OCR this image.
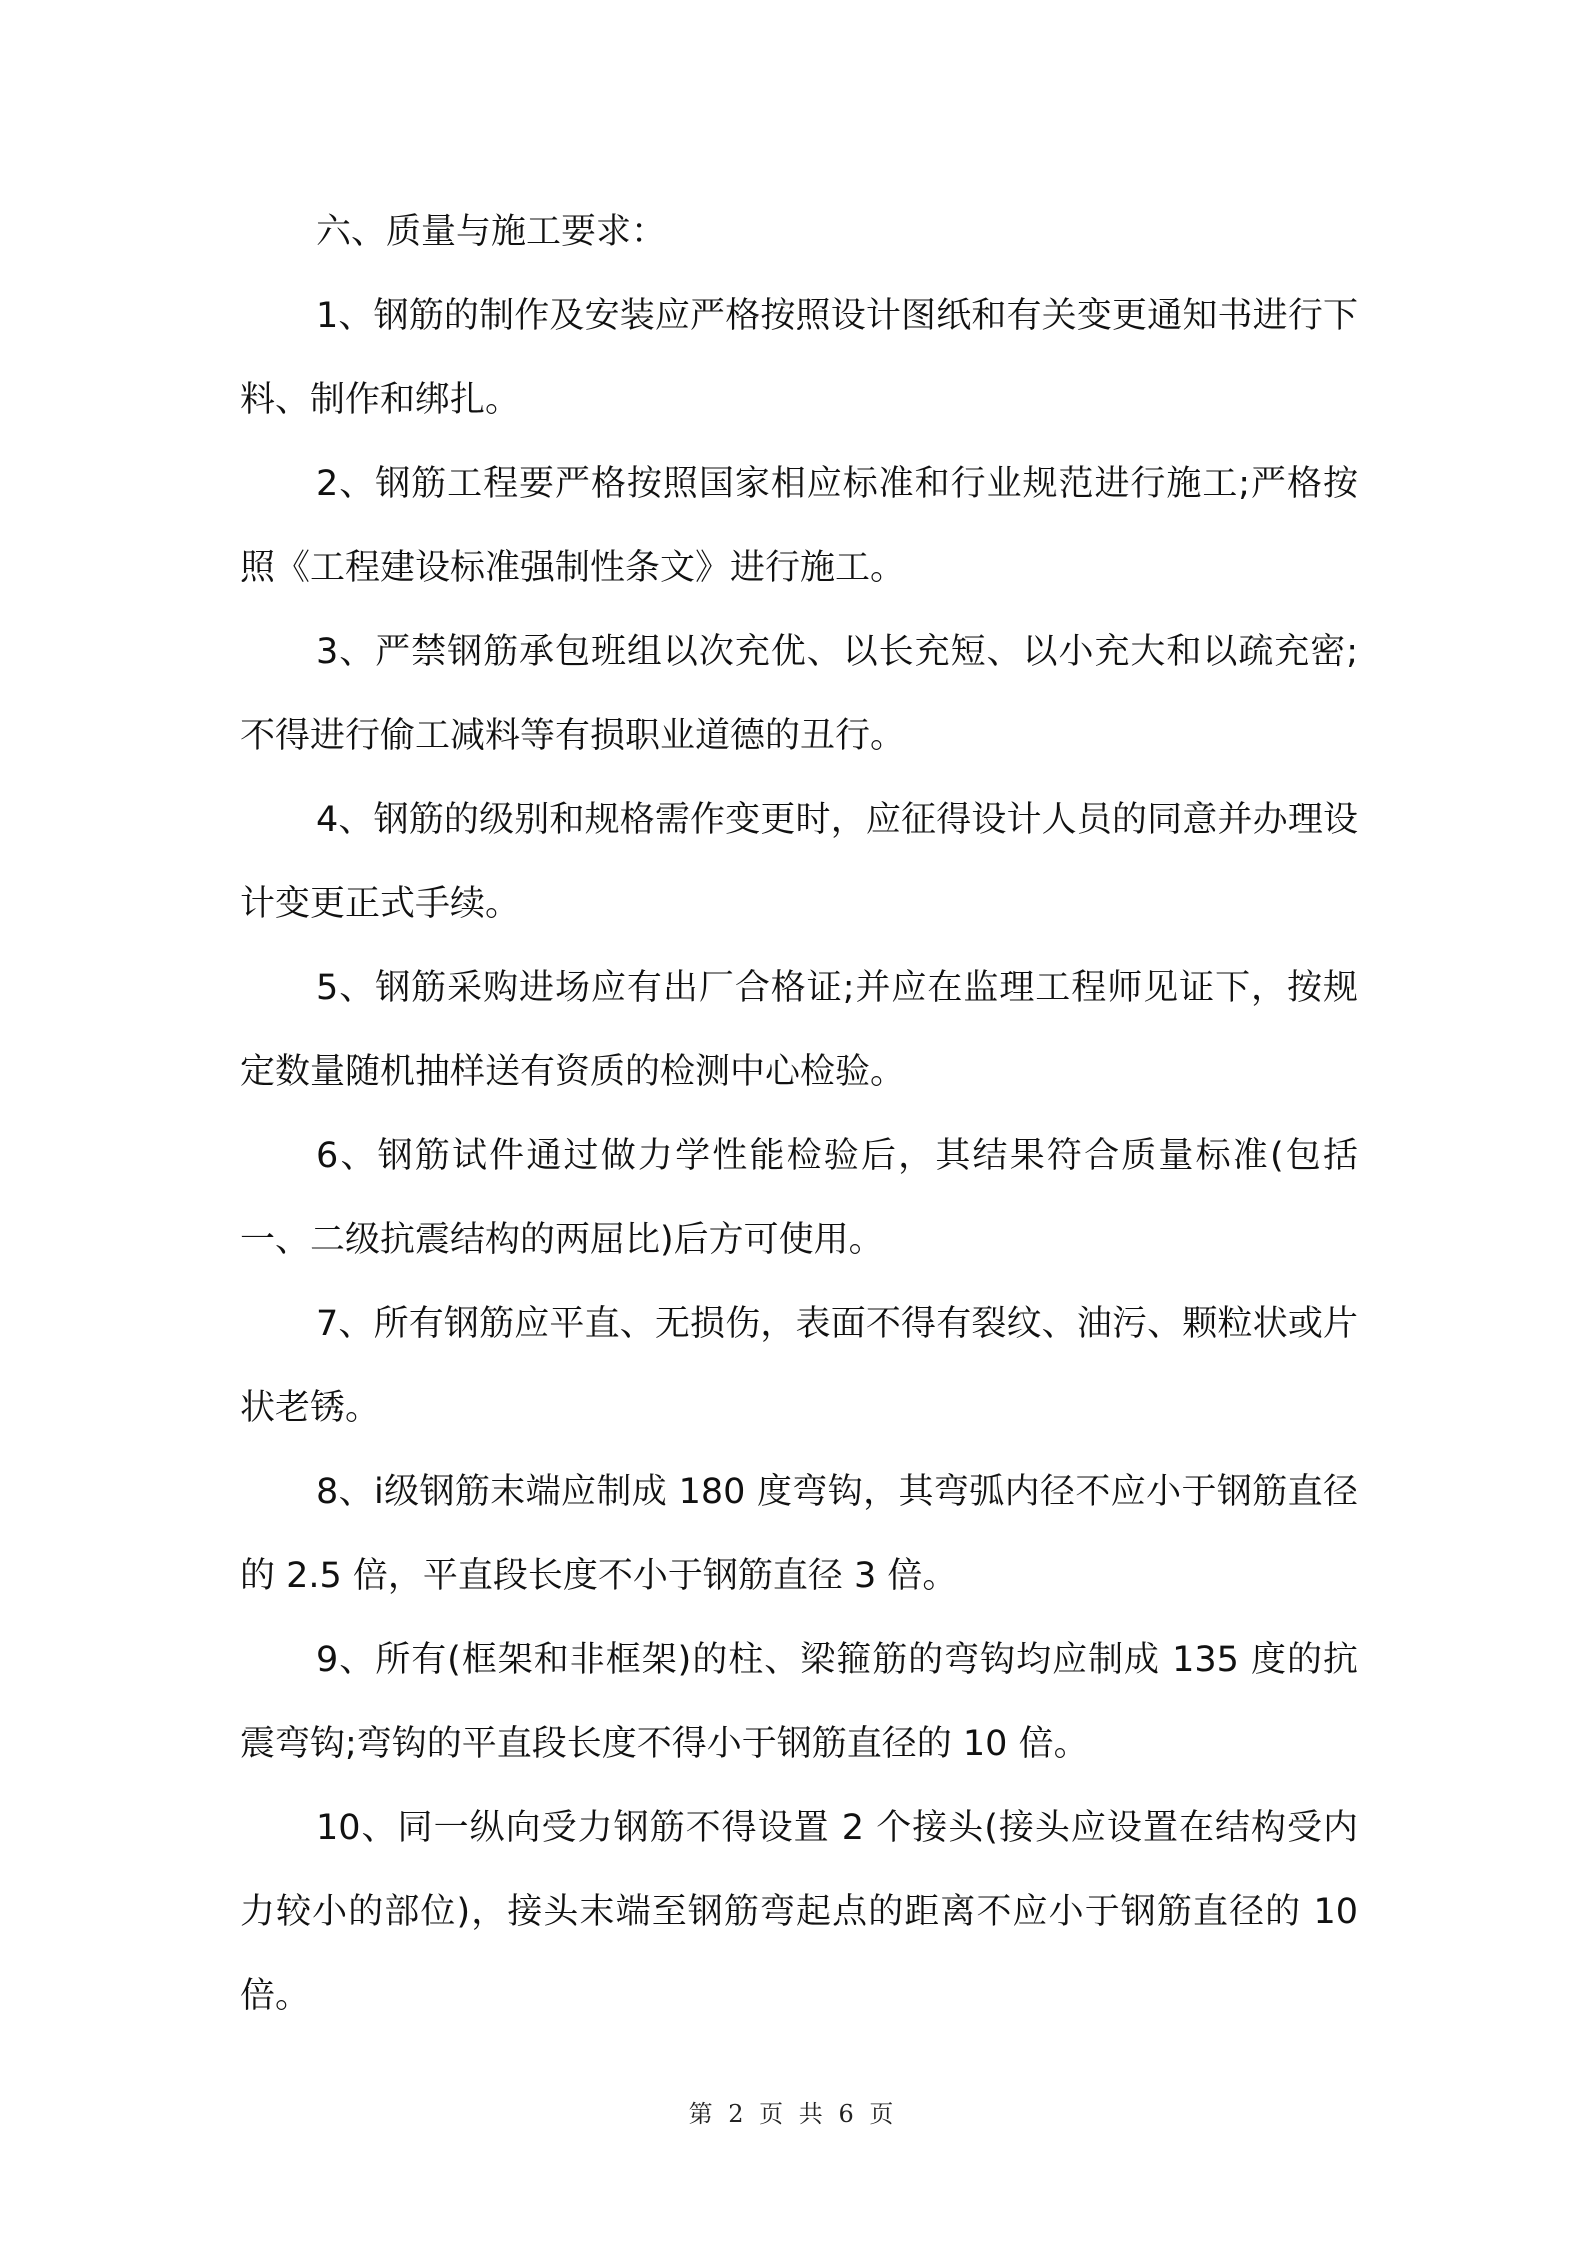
六、质量与施工要求：

1、钢筋的制作及安装应严格按照设计图纸和有关变更通知书进行下料、制作和绑扎。

2、钢筋工程要严格按照国家相应标准和行业规范进行施工;严格按照《工程建设标准强制性条文》进行施工。

3、严禁钢筋承包班组以次充优、以长充短、以小充大和以疏充密;不得进行偷工减料等有损职业道德的丑行。

4、钢筋的级别和规格需作变更时，应征得设计人员的同意并办理设计变更正式手续。

5、钢筋采购进场应有出厂合格证;并应在监理工程师见证下，按规定数量随机抽样送有资质的检测中心检验。

6、钢筋试件通过做力学性能检验后，其结果符合质量标准(包括一、二级抗震结构的两屈比)后方可使用。

7、所有钢筋应平直、无损伤，表面不得有裂纹、油污、颗粒状或片状老锈。

8、ⅰ级钢筋末端应制成 180 度弯钩，其弯弧内径不应小于钢筋直径的 2.5 倍，平直段长度不小于钢筋直径 3 倍。

9、所有(框架和非框架)的柱、梁箍筋的弯钩均应制成 135 度的抗震弯钩;弯钩的平直段长度不得小于钢筋直径的 10 倍。

10、同一纵向受力钢筋不得设置 2 个接头(接头应设置在结构受内力较小的部位)，接头末端至钢筋弯起点的距离不应小于钢筋直径的 10 倍。

第 2 页 共 6 页
